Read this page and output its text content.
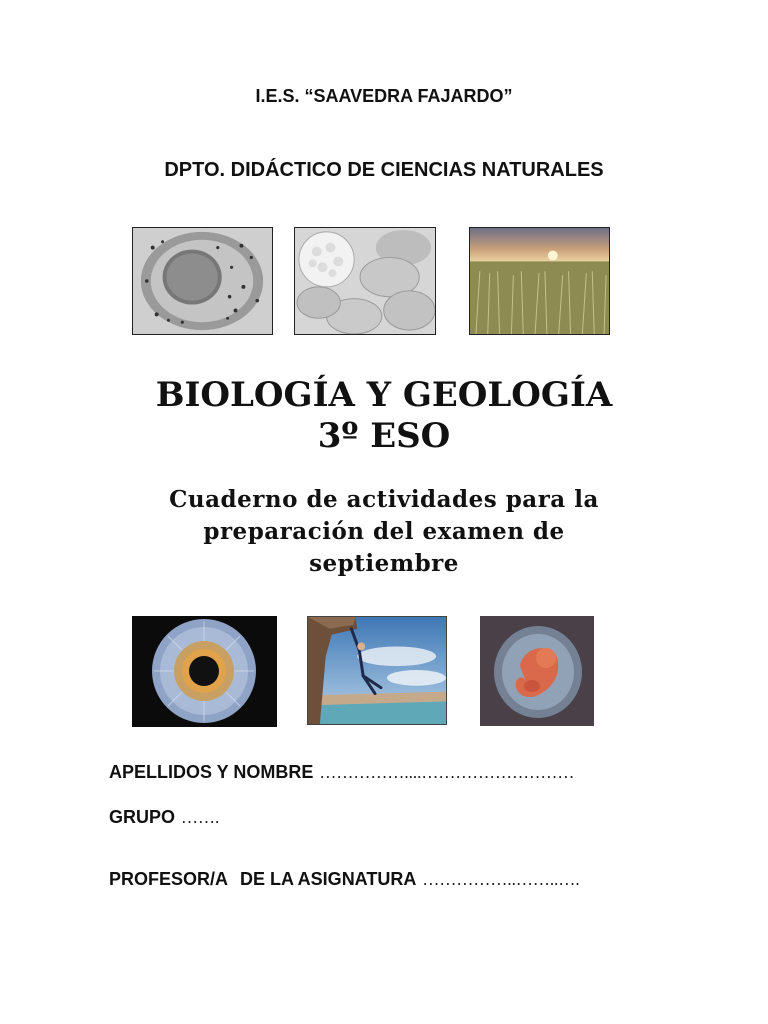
I.E.S. “SAAVEDRA FAJARDO”
DPTO. DIDÁCTICO DE CIENCIAS NATURALES
BIOLOGÍA Y GEOLOGÍA
3º ESO
Cuaderno de actividades para la
preparación del examen de
septiembre
APELLIDOS Y NOMBRE ……………....………………………
GRUPO …….
PROFESOR/A DE LA ASIGNATURA ……………..……..….
